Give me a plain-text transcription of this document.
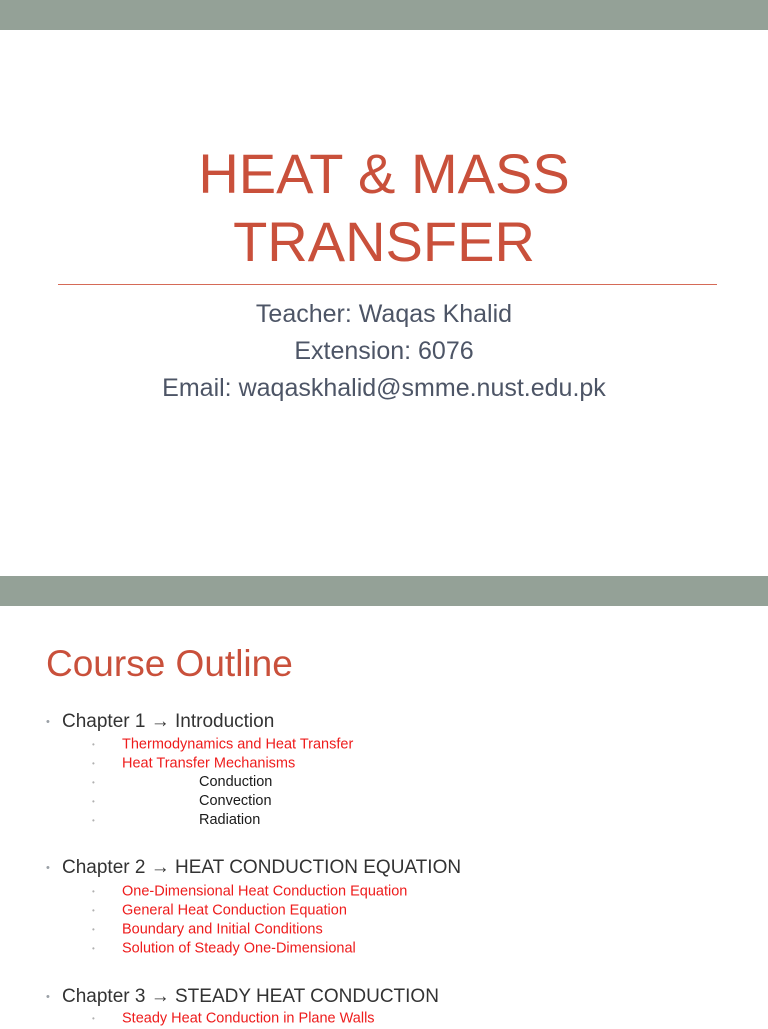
HEAT & MASS
TRANSFER
Teacher: Waqas Khalid
Extension: 6076
Email: waqaskhalid@smme.nust.edu.pk
Course Outline
• Chapter 1 → Introduction
• Thermodynamics and Heat Transfer
• Heat Transfer Mechanisms
•	Conduction
•	Convection
•	Radiation
• Chapter 2 → HEAT CONDUCTION EQUATION
• One-Dimensional Heat Conduction Equation
• General Heat Conduction Equation
• Boundary and Initial Conditions
• Solution of Steady One-Dimensional
• Chapter 3 → STEADY HEAT CONDUCTION
• Steady Heat Conduction in Plane Walls
